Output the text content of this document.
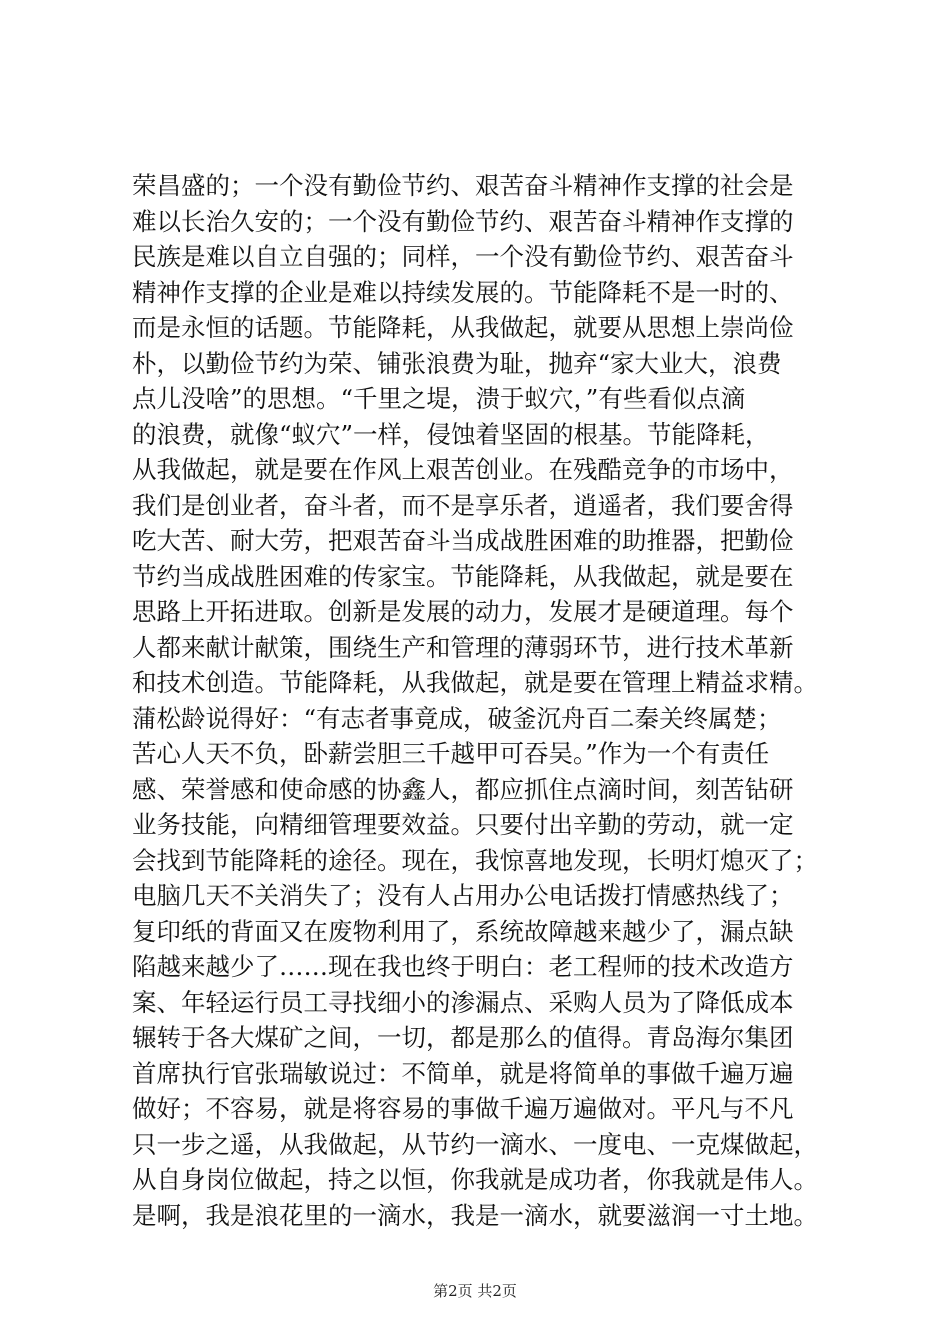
荣昌盛的；一个没有勤俭节约、艰苦奋斗精神作支撑的社会是
难以长治久安的；一个没有勤俭节约、艰苦奋斗精神作支撑的
民族是难以自立自强的；同样，一个没有勤俭节约、艰苦奋斗
精神作支撑的企业是难以持续发展的。节能降耗不是一时的、
而是永恒的话题。节能降耗，从我做起，就要从思想上崇尚俭
朴，以勤俭节约为荣、铺张浪费为耻，抛弃“家大业大，浪费
点儿没啥”的思想。“千里之堤，溃于蚁穴，”有些看似点滴
的浪费，就像“蚁穴”一样，侵蚀着坚固的根基。节能降耗，
从我做起，就是要在作风上艰苦创业。在残酷竞争的市场中，
我们是创业者，奋斗者，而不是享乐者，逍遥者，我们要舍得
吃大苦、耐大劳，把艰苦奋斗当成战胜困难的助推器，把勤俭
节约当成战胜困难的传家宝。节能降耗，从我做起，就是要在
思路上开拓进取。创新是发展的动力，发展才是硬道理。每个
人都来献计献策，围绕生产和管理的薄弱环节，进行技术革新
和技术创造。节能降耗，从我做起，就是要在管理上精益求精。
蒲松龄说得好：“有志者事竟成，破釜沉舟百二秦关终属楚；
苦心人天不负，卧薪尝胆三千越甲可吞吴。”作为一个有责任
感、荣誉感和使命感的协鑫人，都应抓住点滴时间，刻苦钻研
业务技能，向精细管理要效益。只要付出辛勤的劳动，就一定
会找到节能降耗的途径。现在，我惊喜地发现，长明灯熄灭了；
电脑几天不关消失了；没有人占用办公电话拨打情感热线了；
复印纸的背面又在废物利用了，系统故障越来越少了，漏点缺
陷越来越少了……现在我也终于明白：老工程师的技术改造方
案、年轻运行员工寻找细小的渗漏点、采购人员为了降低成本
辗转于各大煤矿之间，一切，都是那么的值得。青岛海尔集团
首席执行官张瑞敏说过：不简单，就是将简单的事做千遍万遍
做好；不容易，就是将容易的事做千遍万遍做对。平凡与不凡
只一步之遥，从我做起，从节约一滴水、一度电、一克煤做起，
从自身岗位做起，持之以恒，你我就是成功者，你我就是伟人。
是啊，我是浪花里的一滴水，我是一滴水，就要滋润一寸土地。
第2页 共2页
